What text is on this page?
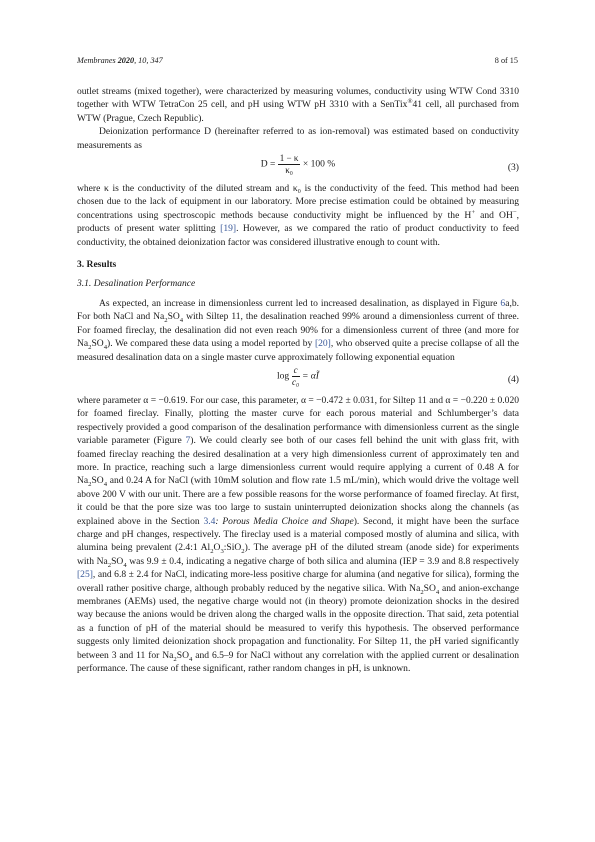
Membranes 2020, 10, 347	8 of 15

outlet streams (mixed together), were characterized by measuring volumes, conductivity using WTW Cond 3310 together with WTW TetraCon 25 cell, and pH using WTW pH 3310 with a SenTix®41 cell, all purchased from WTW (Prague, Czech Republic).

Deionization performance D (hereinafter referred to as ion-removal) was estimated based on conductivity measurements as

$D = \frac{1 - \kappa}{\text{κ₀}} \times 100$ %	(3)

where κ is the conductivity of the diluted stream and κ₀ is the conductivity of the feed. This method had been chosen due to the lack of equipment in our laboratory. More precise estimation could be obtained by measuring concentrations using spectroscopic methods because conductivity might be influenced by the H+ and OH−, products of present water splitting [19]. However, as we compared the ratio of product conductivity to feed conductivity, the obtained deionization factor was considered illustrative enough to count with.

3. Results
3.1. Desalination Performance

As expected, an increase in dimensionless current led to increased desalination, as displayed in Figure 6a,b. For both NaCl and $Na_2SO_4$ with Siltep 11, the desalination reached 99% around a dimensionless current of three. For foamed fireclay, the desalination did not even reach 90% for a dimensionless current of three (and more for $Na_2SO_4$). We compared these data using a model reported by [20], who observed quite a precise collapse of all the measured desalination data on a single master curve approximately following exponential equation

$\log \frac{c}{\text{c₀}}$ = αĨ	(4)

where parameter α = −0.619. For our case, this parameter, α = −0.472 ± 0.031, for Siltep 11 and α = −0.220 ± 0.020 for foamed fireclay. Finally, plotting the master curve for each porous material and Schlumberger’s data respectively provided a good comparison of the desalination performance with dimensionless current as the single variable parameter (Figure 7). We could clearly see both of our cases fell behind the unit with glass frit, with foamed fireclay reaching the desired desalination at a very high dimensionless current of approximately ten and more. In practice, reaching such a large dimensionless current would require applying a current of 0.48 A for $Na_2SO_4$ and 0.24 A for NaCl (with 10mM solution and flow rate 1.5 mL/min), which would drive the voltage well above 200 V with our unit. There are a few possible reasons for the worse performance of foamed fireclay. At first, it could be that the pore size was too large to sustain uninterrupted deionization shocks along the channels (as explained above in the Section 3.4: Porous Media Choice and Shape). Second, it might have been the surface charge and pH changes, respectively. The fireclay used is a material composed mostly of alumina and silica, with alumina being prevalent (2.4:1 $Al_2O_3:SiO_2$). The average pH of the diluted stream (anode side) for experiments with $Na_2SO_4$ was 9.9 ± 0.4, indicating a negative charge of both silica and alumina (IEP = 3.9 and 8.8 respectively [25], and 6.8 ± 2.4 for NaCl, indicating more-less positive charge for alumina (and negative for silica), forming the overall rather positive charge, although probably reduced by the negative silica. With $Na_2SO_4$ and anion-exchange membranes (AEMs) used, the negative charge would not (in theory) promote deionization shocks in the desired way because the anions would be driven along the charged walls in the opposite direction. That said, zeta potential as a function of pH of the material should be measured to verify this hypothesis. The observed performance suggests only limited deionization shock propagation and functionality. For Siltep 11, the pH varied significantly between 3 and 11 for $Na_2SO_4$ and 6.5–9 for NaCl without any correlation with the applied current or desalination performance. The cause of these significant, rather random changes in pH, is unknown.
